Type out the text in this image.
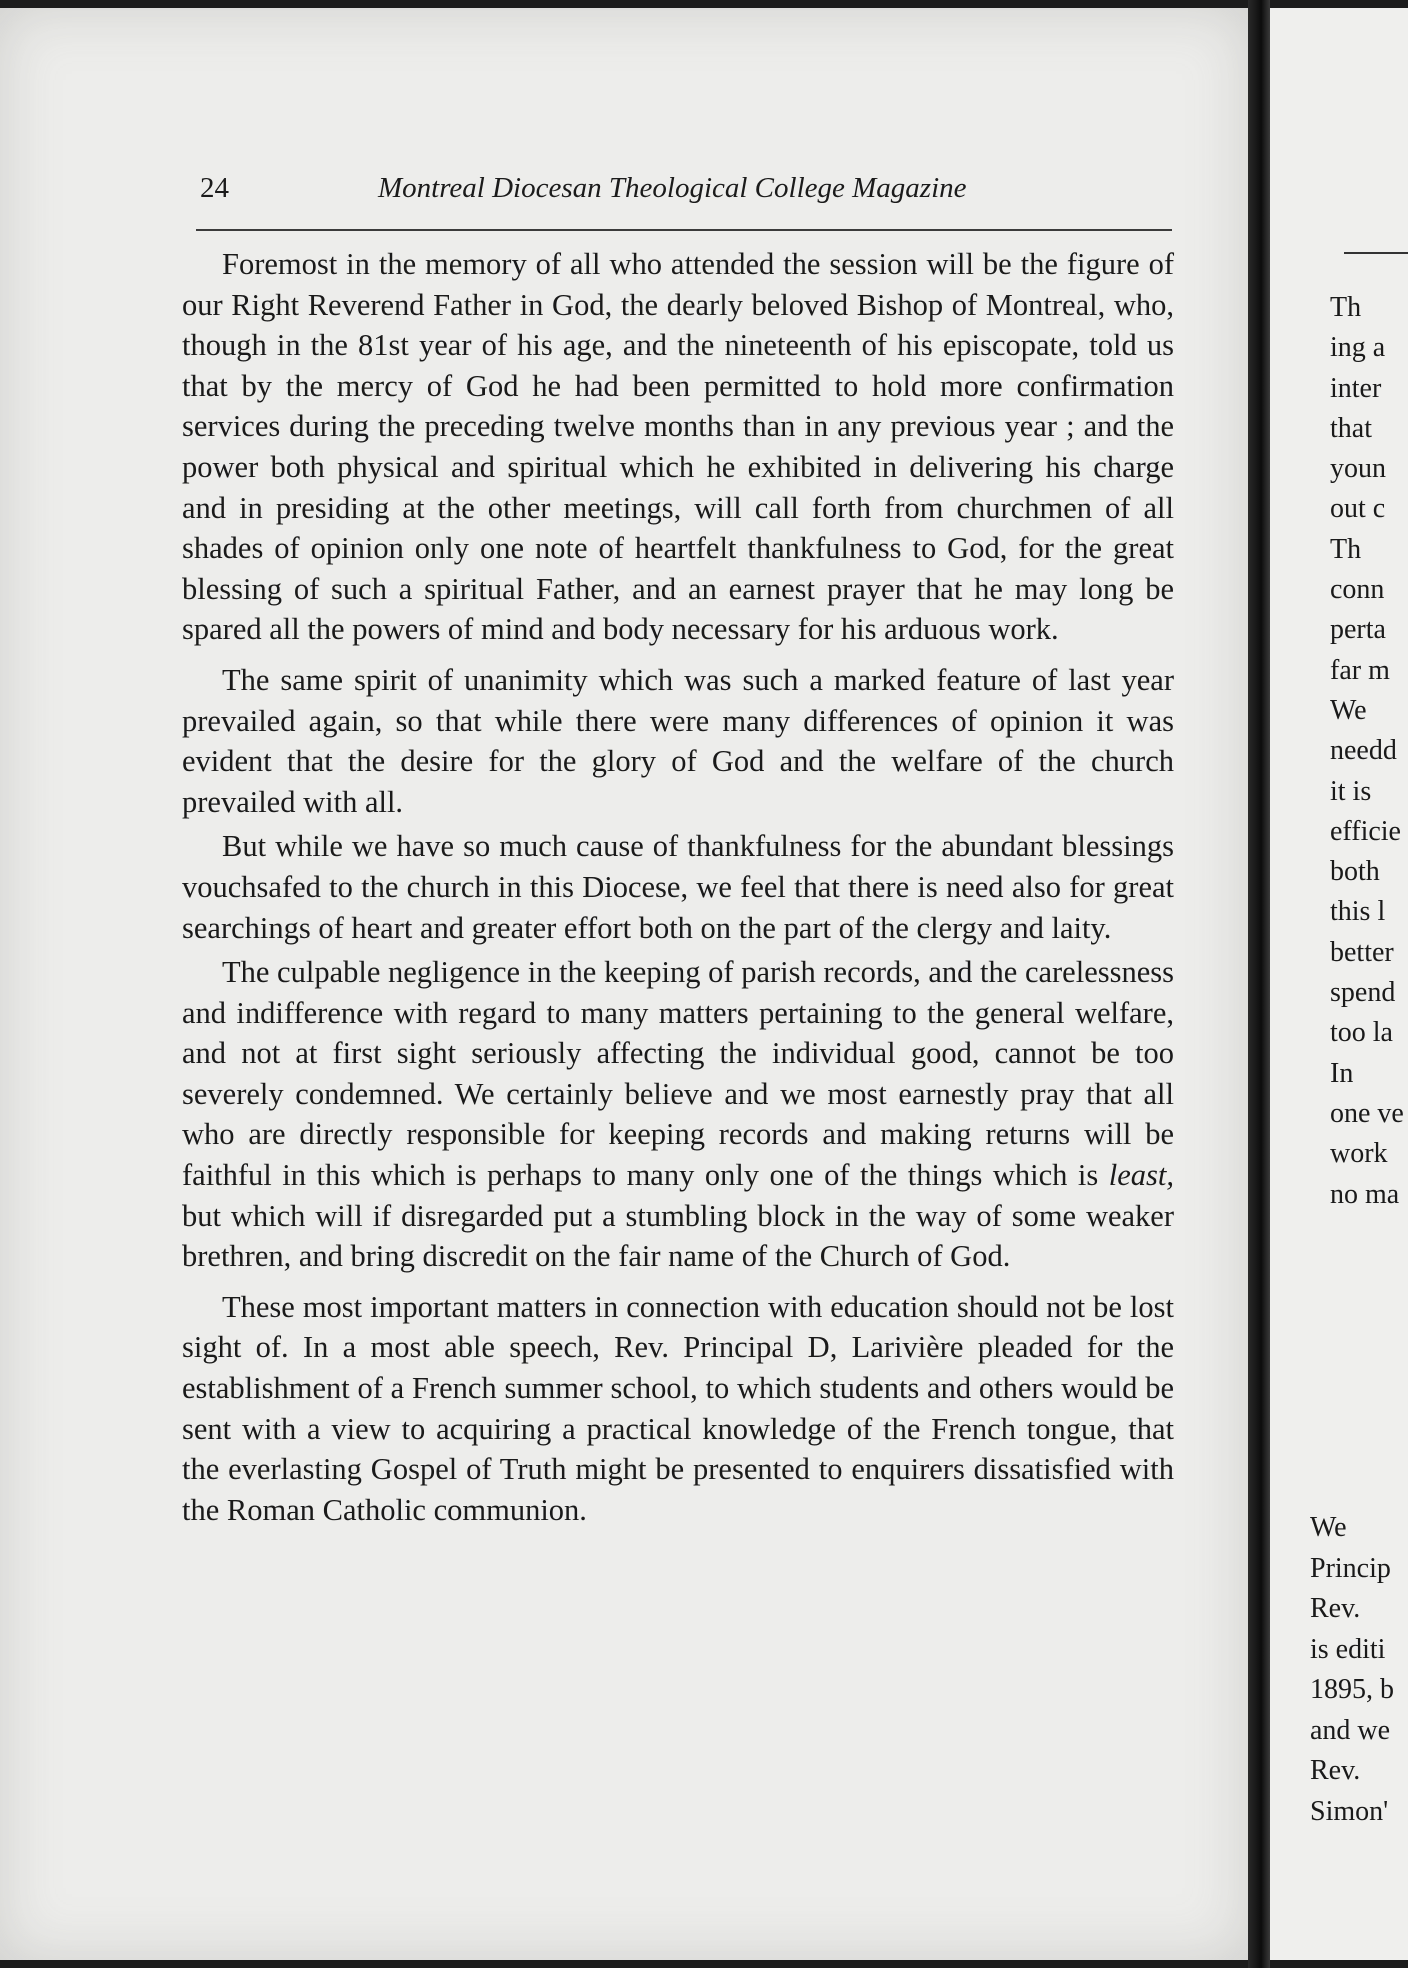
24	Montreal Diocesan Theological College Magazine

Foremost in the memory of all who attended the session will be the figure of our Right Reverend Father in God, the dearly beloved Bishop of Montreal, who, though in the 81st year of his age, and the nineteenth of his episcopate, told us that by the mercy of God he had been permitted to hold more confirmation services during the preceding twelve months than in any previous year ; and the power both physical and spiritual which he exhibited in delivering his charge and in presiding at the other meetings, will call forth from churchmen of all shades of opinion only one note of heartfelt thankfulness to God, for the great blessing of such a spiritual Father, and an earnest prayer that he may long be spared all the powers of mind and body necessary for his arduous work.

The same spirit of unanimity which was such a marked feature of last year prevailed again, so that while there were many differences of opinion it was evident that the desire for the glory of God and the welfare of the church prevailed with all.

But while we have so much cause of thankfulness for the abundant blessings vouchsafed to the church in this Diocese, we feel that there is need also for great searchings of heart and greater effort both on the part of the clergy and laity.

The culpable negligence in the keeping of parish records, and the carelessness and indifference with regard to many matters pertaining to the general welfare, and not at first sight seriously affecting the individual good, cannot be too severely condemned. We certainly believe and we most earnestly pray that all who are directly responsible for keeping records and making returns will be faithful in this which is perhaps to many only one of the things which is least, but which will if disregarded put a stumbling block in the way of some weaker brethren, and bring discredit on the fair name of the Church of God.

These most important matters in connection with education should not be lost sight of. In a most able speech, Rev. Principal D, Larivière pleaded for the establishment of a French summer school, to which students and others would be sent with a view to acquiring a practical knowledge of the French tongue, that the everlasting Gospel of Truth might be presented to enquirers dissatisfied with the Roman Catholic communion.

Th
ing a
inter
that
youn
out c
Th
conn
perta
far m
We
needd
it is
efficie
both
this l
better
spend
too la
In
one ve
work
no ma
We
Princip
Rev.
is editi
1895, b
and we
Rev.
Simon'
